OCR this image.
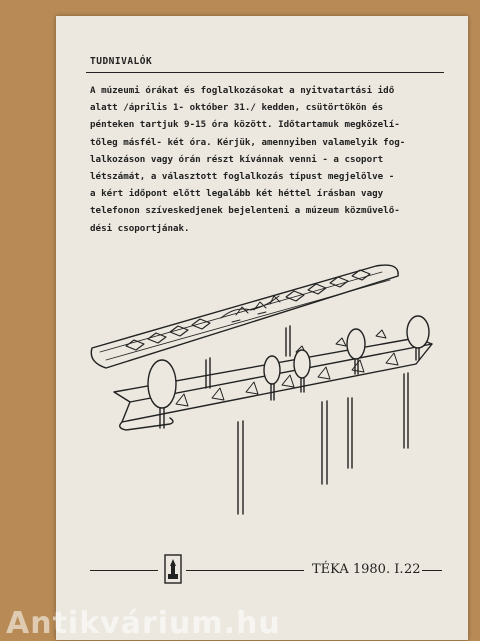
TUDNIVALÓK
A múzeumi órákat és foglalkozásokat a nyitvatartási idő
alatt /április 1- október 31./ kedden, csütörtökön és
pénteken tartjuk 9-15 óra között. Időtartamuk megközelí-
tőleg másfél- két óra. Kérjük, amennyiben valamelyik fog-
lalkozáson vagy órán részt kívánnak venni - a csoport
létszámát, a választott foglalkozás típust megjelölve -
a kért időpont előtt legalább két héttel írásban vagy
telefonon szíveskedjenek bejelenteni a múzeum közművelő-
dési csoportjának.
TÉKA 1980. I. 22
Antikvárium.hu
